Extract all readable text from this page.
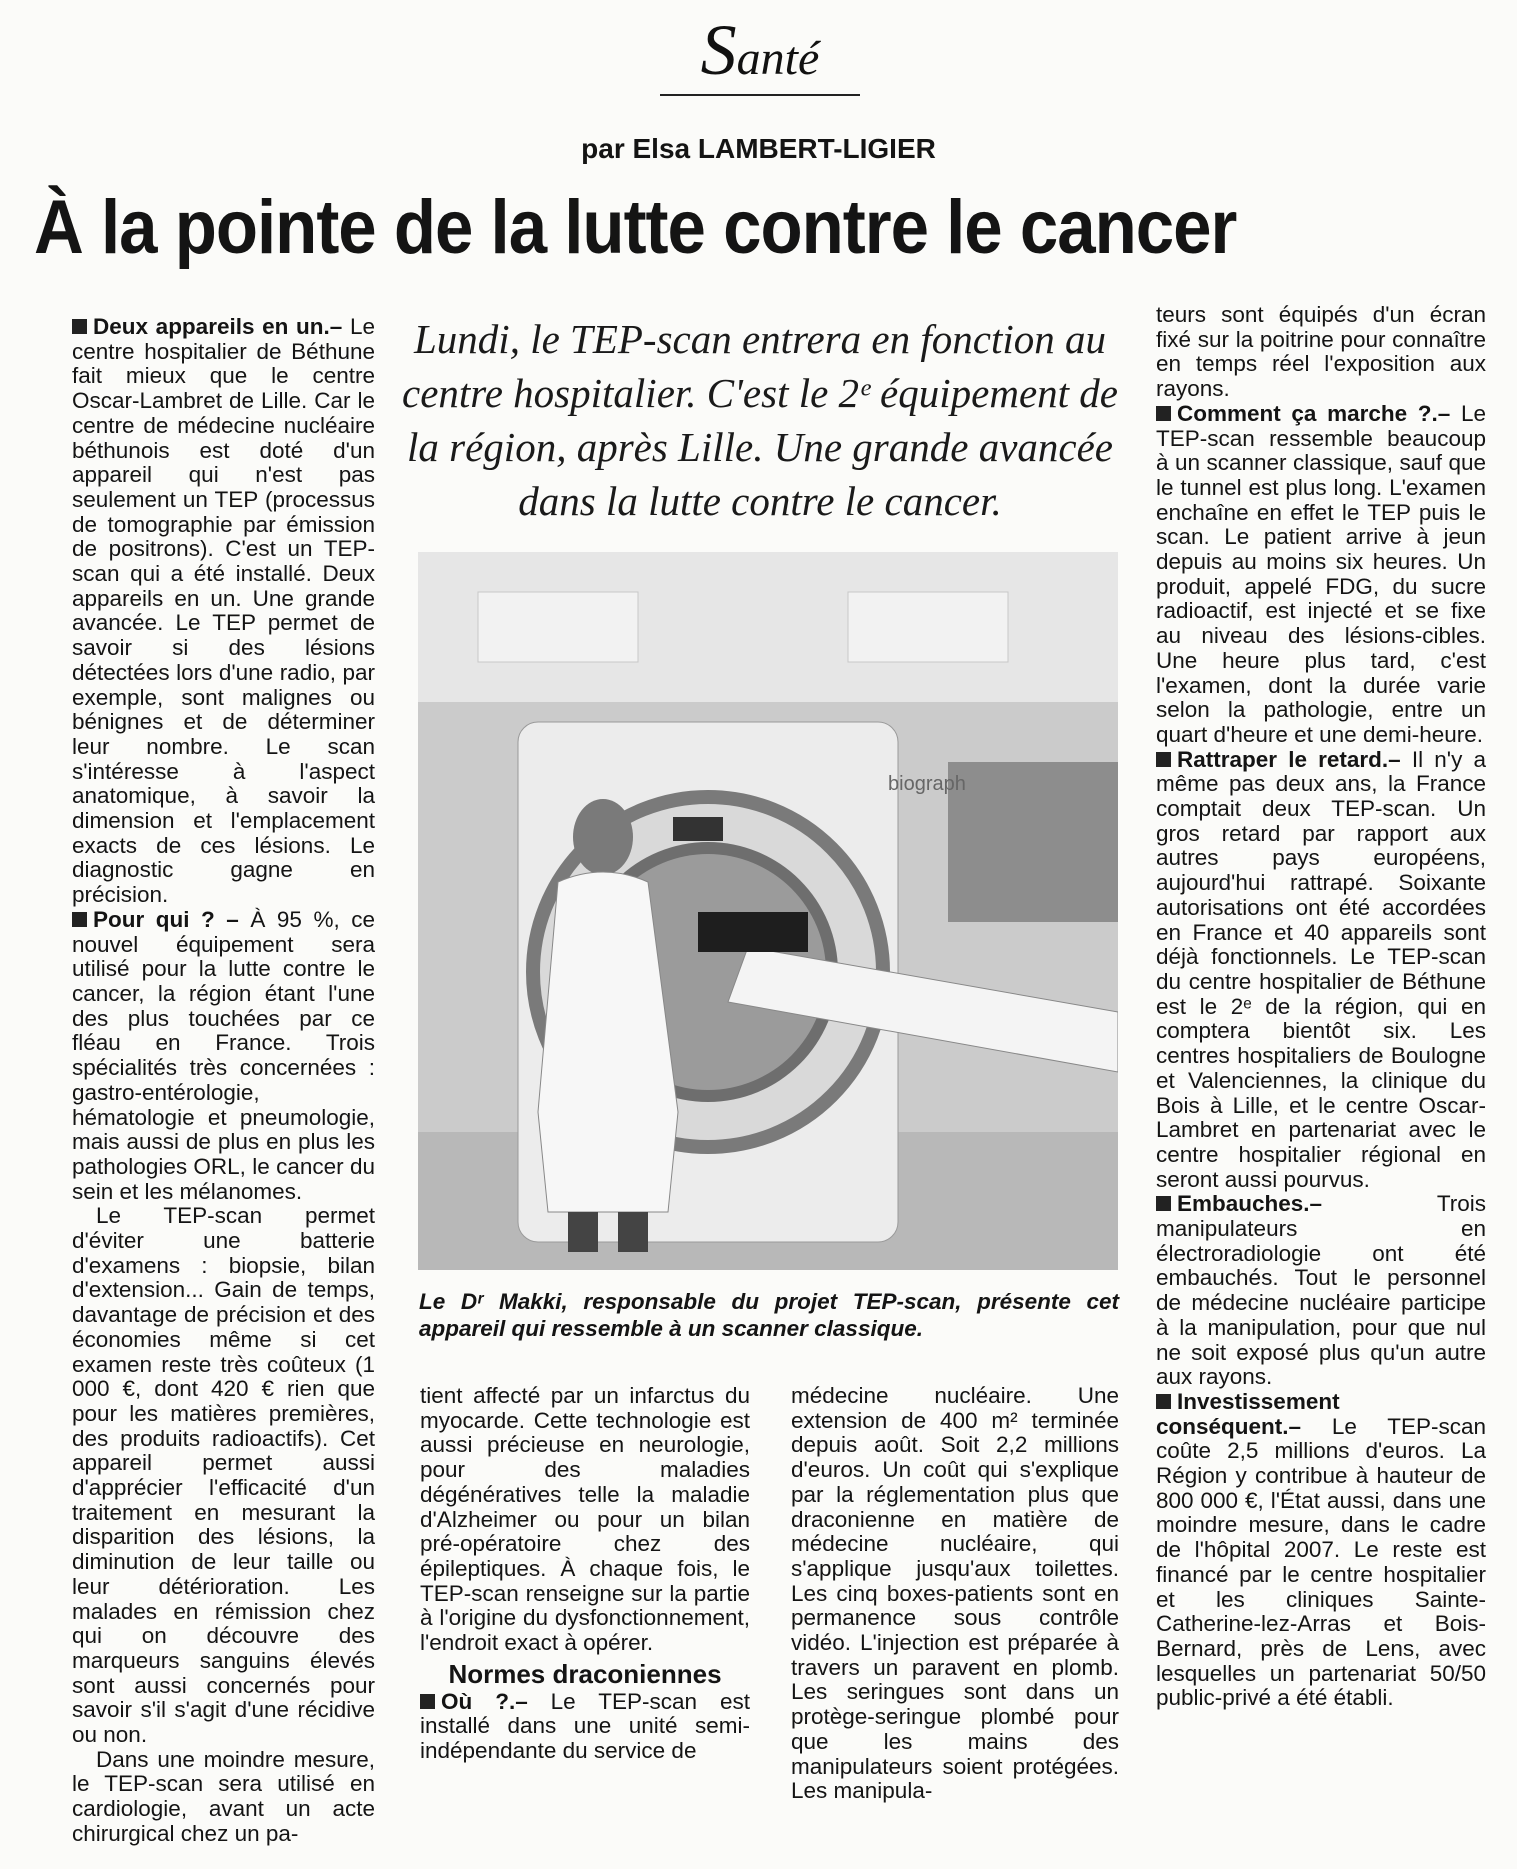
Santé
par Elsa LAMBERT-LIGIER
À la pointe de la lutte contre le cancer
Lundi, le TEP-scan entrera en fonction au centre hospitalier. C'est le 2ᵉ équipement de la région, après Lille. Une grande avancée dans la lutte contre le cancer.

Deux appareils en un.– Le centre hospitalier de Béthune fait mieux que le centre Oscar-Lambret de Lille. Car le centre de médecine nucléaire béthunois est doté d'un appareil qui n'est pas seulement un TEP (processus de tomographie par émission de positrons). C'est un TEP-scan qui a été installé. Deux appareils en un. Une grande avancée. Le TEP permet de savoir si des lésions détectées lors d'une radio, par exemple, sont malignes ou bénignes et de déterminer leur nombre. Le scan s'intéresse à l'aspect anatomique, à savoir la dimension et l'emplacement exacts de ces lésions. Le diagnostic gagne en précision.

Pour qui ? – À 95 %, ce nouvel équipement sera utilisé pour la lutte contre le cancer, la région étant l'une des plus touchées par ce fléau en France. Trois spécialités très concernées : gastro-entérologie, hématologie et pneumologie, mais aussi de plus en plus les pathologies ORL, le cancer du sein et les mélanomes.

Le TEP-scan permet d'éviter une batterie d'examens : biopsie, bilan d'extension... Gain de temps, davantage de précision et des économies même si cet examen reste très coûteux (1 000 €, dont 420 € rien que pour les matières premières, des produits radioactifs). Cet appareil permet aussi d'apprécier l'efficacité d'un traitement en mesurant la disparition des lésions, la diminution de leur taille ou leur détérioration. Les malades en rémission chez qui on découvre des marqueurs sanguins élevés sont aussi concernés pour savoir s'il s'agit d'une récidive ou non.

Dans une moindre mesure, le TEP-scan sera utilisé en cardiologie, avant un acte chirurgical chez un pa-

biograph
Le Dʳ Makki, responsable du projet TEP-scan, présente cet appareil qui ressemble à un scanner classique.

tient affecté par un infarctus du myocarde. Cette technologie est aussi précieuse en neurologie, pour des maladies dégénératives telle la maladie d'Alzheimer ou pour un bilan pré-opératoire chez des épileptiques. À chaque fois, le TEP-scan renseigne sur la partie à l'origine du dysfonctionnement, l'endroit exact à opérer.

Normes draconiennes

Où ?.– Le TEP-scan est installé dans une unité semi-indépendante du service de

médecine nucléaire. Une extension de 400 m² terminée depuis août. Soit 2,2 millions d'euros. Un coût qui s'explique par la réglementation plus que draconienne en matière de médecine nucléaire, qui s'applique jusqu'aux toilettes. Les cinq boxes-patients sont en permanence sous contrôle vidéo. L'injection est préparée à travers un paravent en plomb. Les seringues sont dans un protège-seringue plombé pour que les mains des manipulateurs soient protégées. Les manipula-

teurs sont équipés d'un écran fixé sur la poitrine pour connaître en temps réel l'exposition aux rayons.

Comment ça marche ?.– Le TEP-scan ressemble beaucoup à un scanner classique, sauf que le tunnel est plus long. L'examen enchaîne en effet le TEP puis le scan. Le patient arrive à jeun depuis au moins six heures. Un produit, appelé FDG, du sucre radioactif, est injecté et se fixe au niveau des lésions-cibles. Une heure plus tard, c'est l'examen, dont la durée varie selon la pathologie, entre un quart d'heure et une demi-heure.

Rattraper le retard.– Il n'y a même pas deux ans, la France comptait deux TEP-scan. Un gros retard par rapport aux autres pays européens, aujourd'hui rattrapé. Soixante autorisations ont été accordées en France et 40 appareils sont déjà fonctionnels. Le TEP-scan du centre hospitalier de Béthune est le 2ᵉ de la région, qui en comptera bientôt six. Les centres hospitaliers de Boulogne et Valenciennes, la clinique du Bois à Lille, et le centre Oscar-Lambret en partenariat avec le centre hospitalier régional en seront aussi pourvus.

Embauches.– Trois manipulateurs en électroradiologie ont été embauchés. Tout le personnel de médecine nucléaire participe à la manipulation, pour que nul ne soit exposé plus qu'un autre aux rayons.

Investissement conséquent.– Le TEP-scan coûte 2,5 millions d'euros. La Région y contribue à hauteur de 800 000 €, l'État aussi, dans une moindre mesure, dans le cadre de l'hôpital 2007. Le reste est financé par le centre hospitalier et les cliniques Sainte-Catherine-lez-Arras et Bois-Bernard, près de Lens, avec lesquelles un partenariat 50/50 public-privé a été établi.
